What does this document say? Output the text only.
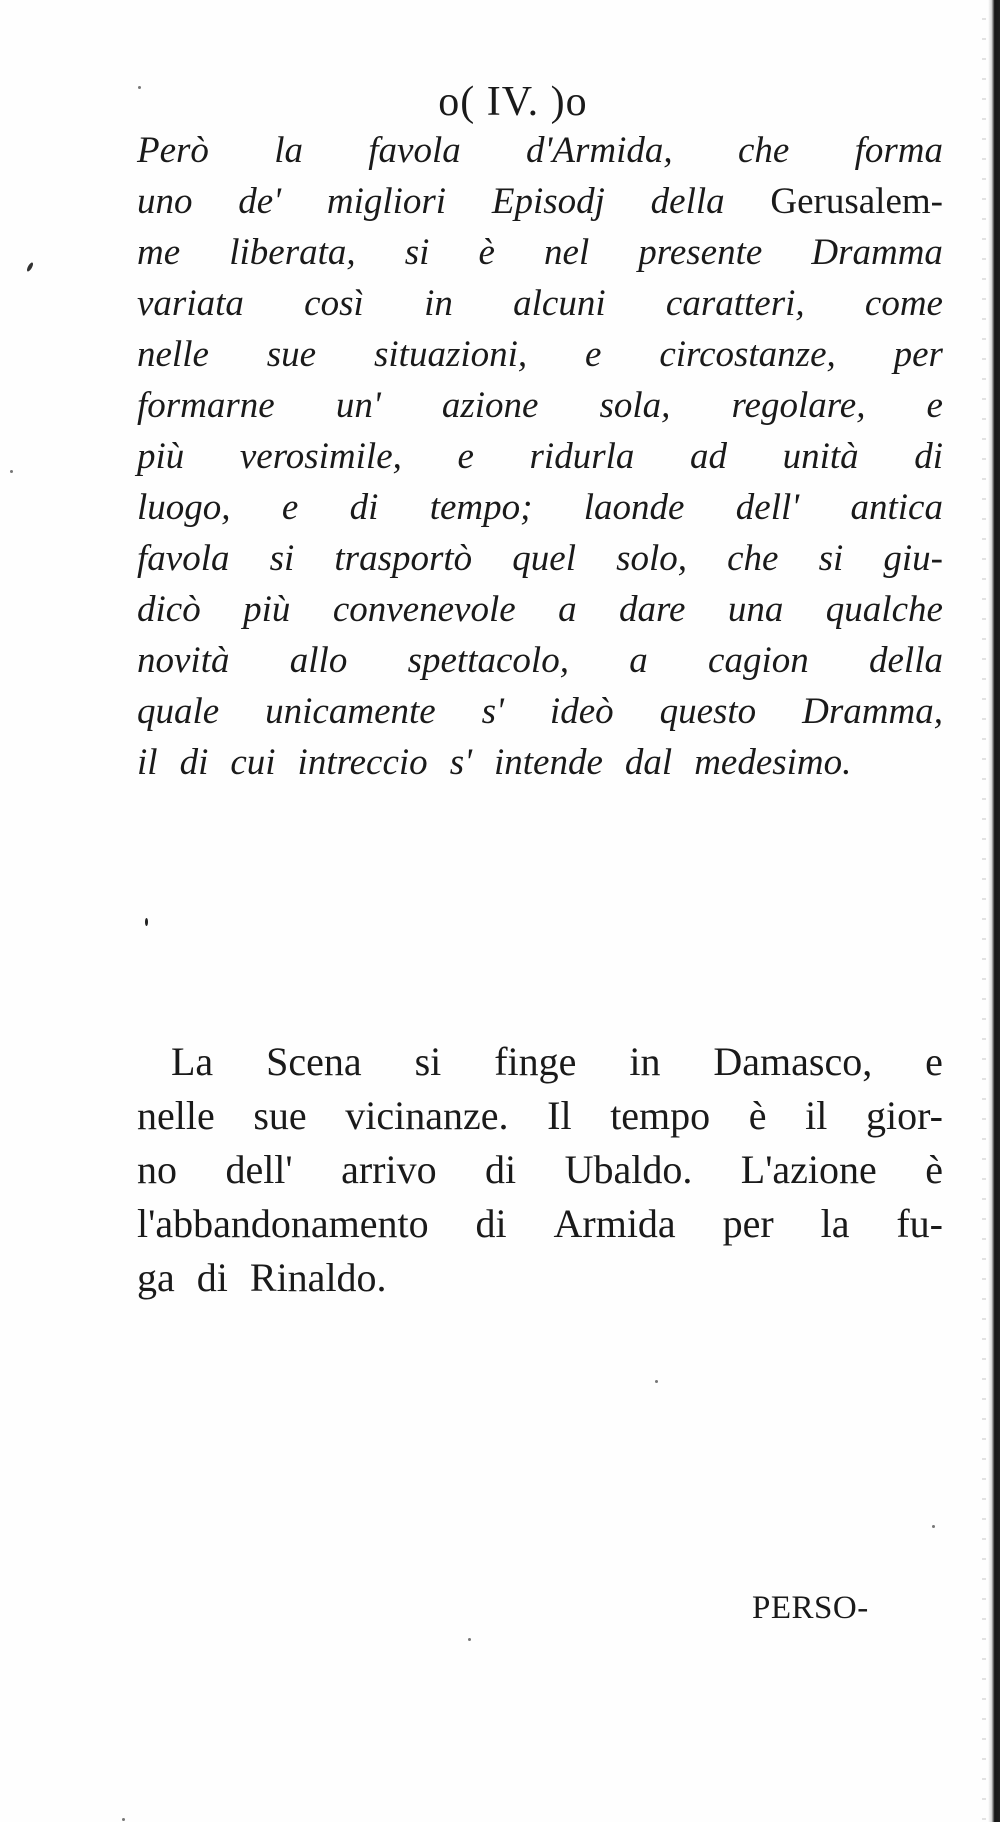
o( IV. )o
Però la favola d'Armida, che forma
uno de' migliori Episodj della Gerusalem-
me liberata, si è nel presente Dramma
variata così in alcuni caratteri, come
nelle sue situazioni, e circostanze, per
formarne un' azione sola, regolare, e
più verosimile, e ridurla ad unità di
luogo, e di tempo; laonde dell' antica
favola si trasportò quel solo, che si giu-
dicò più convenevole a dare una qualche
novità allo spettacolo, a cagion della
quale unicamente s' ideò questo Dramma,
il di cui intreccio s' intende dal medesimo.
La Scena si finge in Damasco, e
nelle sue vicinanze. Il tempo è il gior-
no dell' arrivo di Ubaldo. L'azione è
l'abbandonamento di Armida per la fu-
ga di Rinaldo.
PERSO-
